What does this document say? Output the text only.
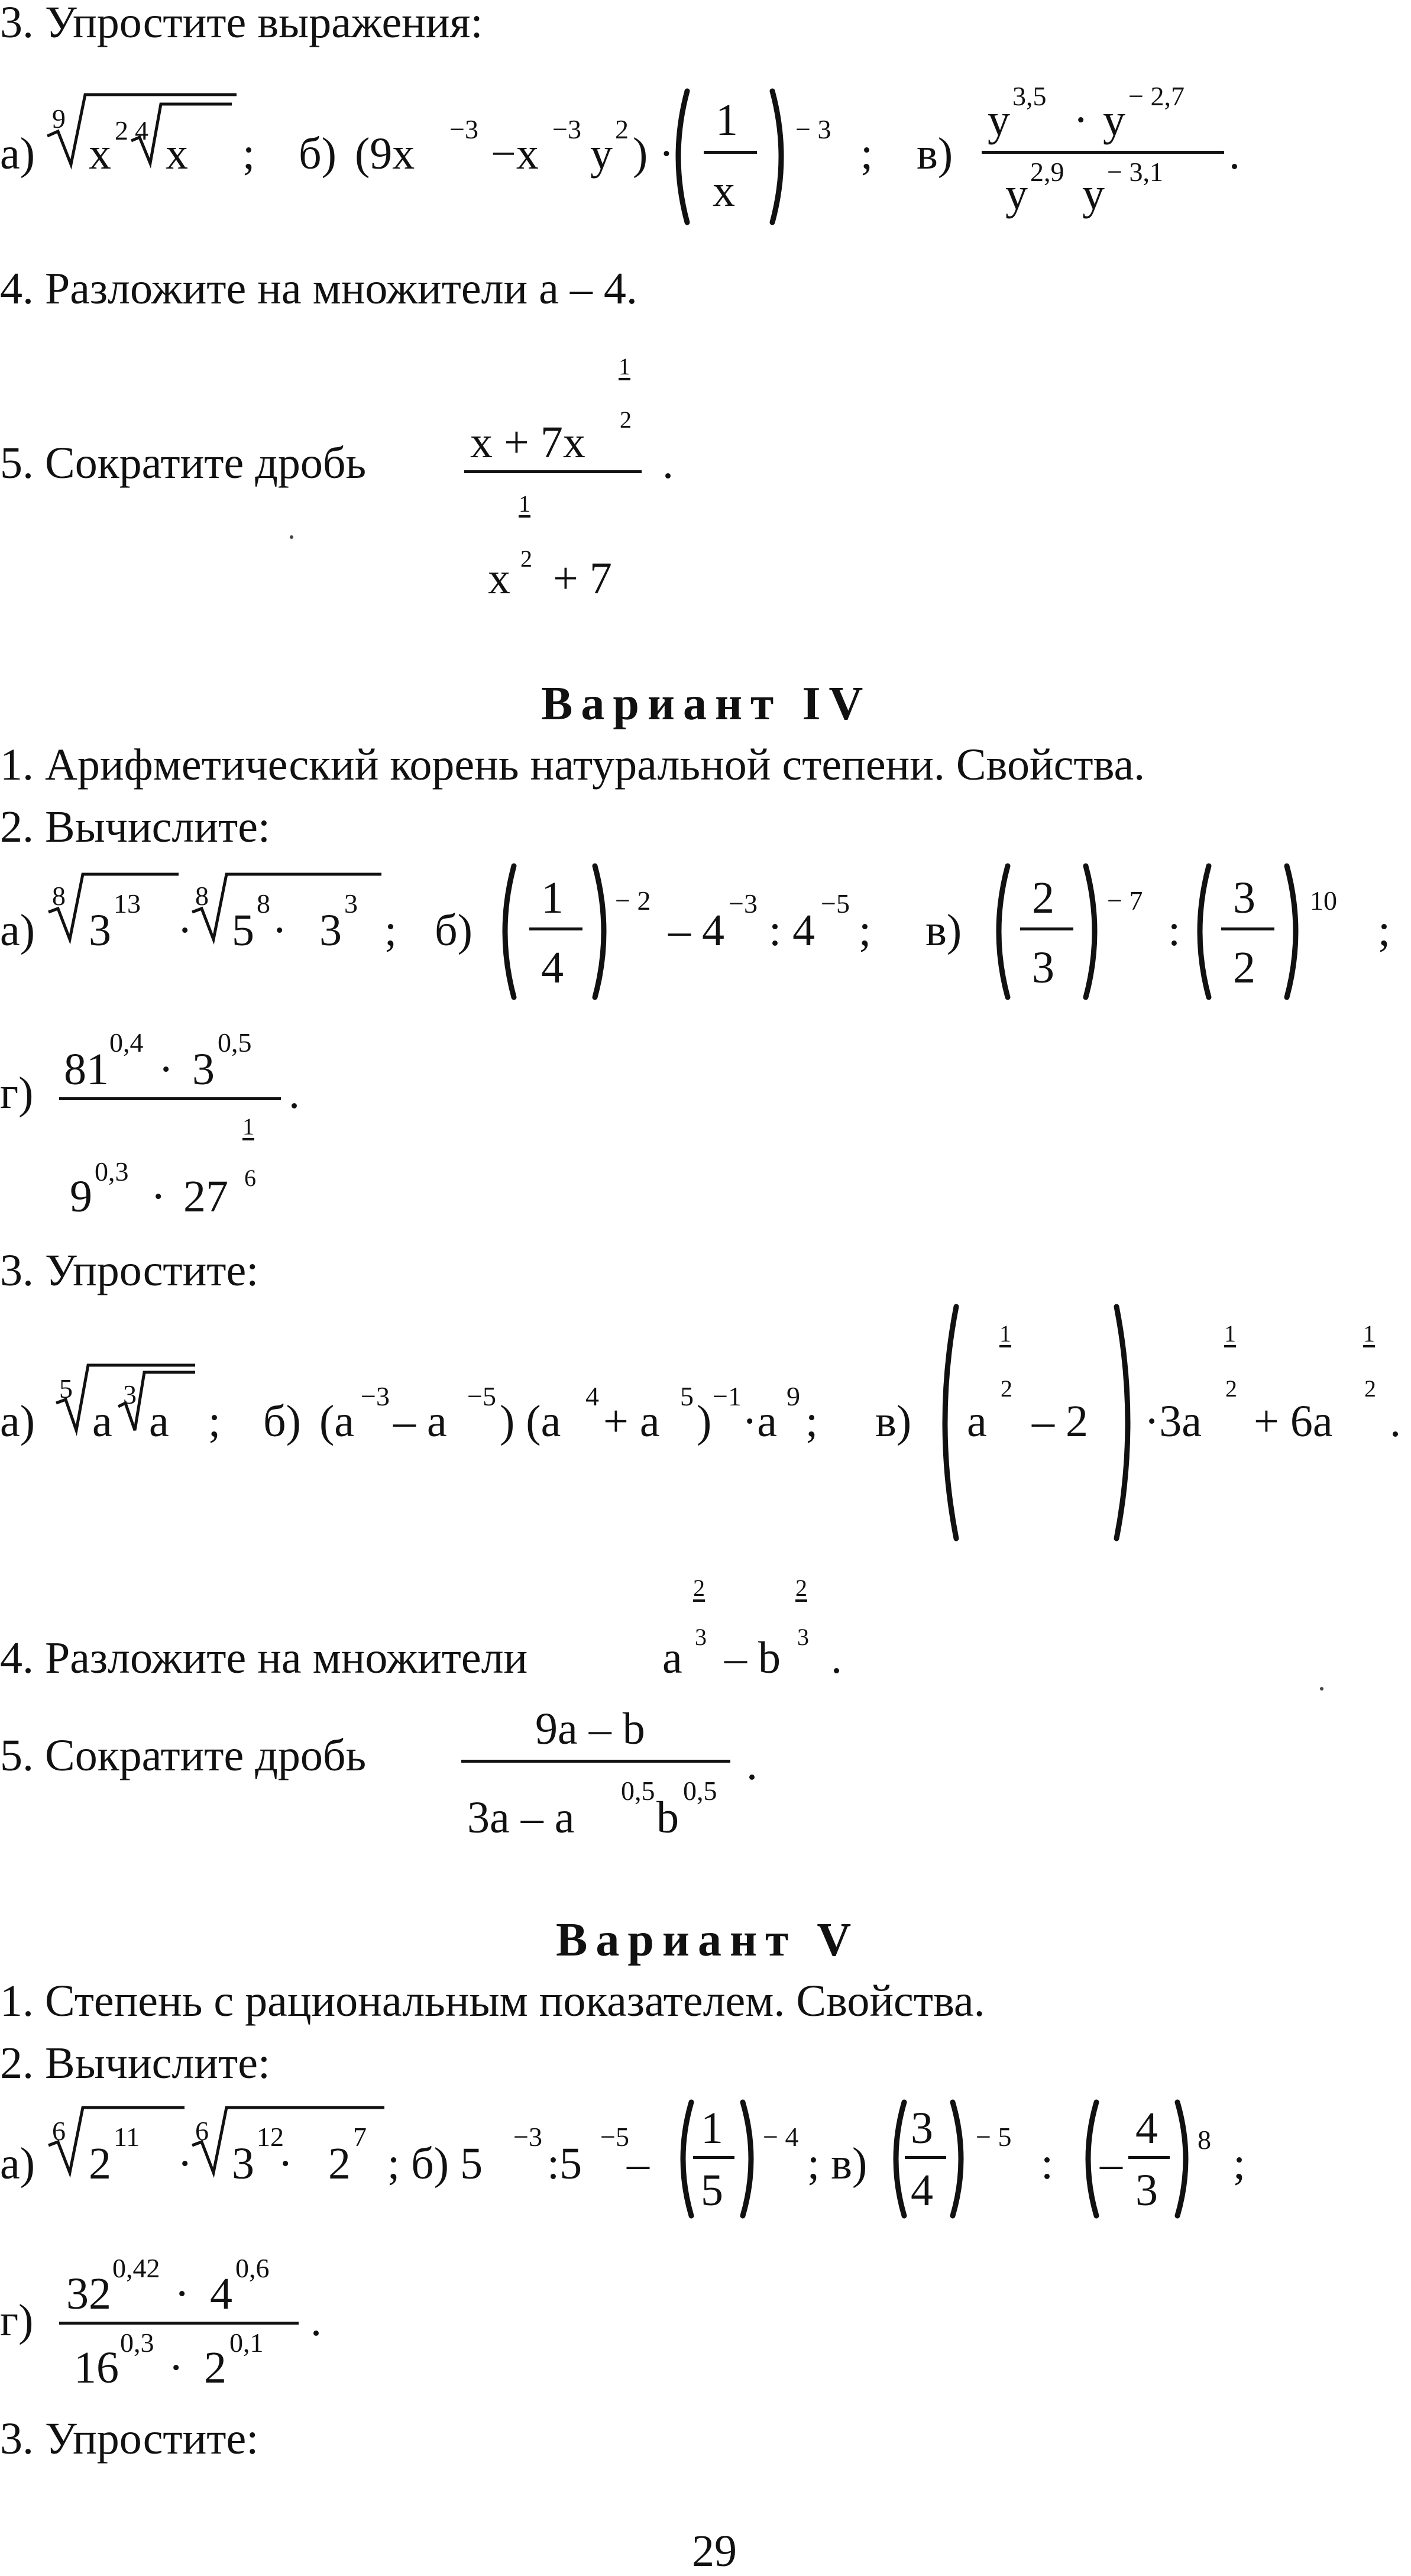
3. Упростите выражения:
а)
9
x 2 4 x ; б) (9x −3 −x −3 y 2 ) ·
1
x
− 3 ; в)
y 3,5 · y − 2,7
y 2,9 y − 3,1 .
4. Разложите на множители a – 4.
5. Сократите дробь
1
x + 7x 2
1
x 2 + 7
.
Вариант IV
1. Арифметический корень натуральной степени. Свойства.
2. Вычислите:
а)
8
3
13
·
8
5
8
· 3
3
; б)
1
4
− 2
– 4
−3
: 4
−5
; в)
2
3
− 7
:
3
2
10
;
г) 81
0,4
· 3
0,5
1
9
0,3
· 27 6
.
3. Упростите:
а)
5
a
3
a ; б) (a
−3
– a
−5
) (a
4
+ a
5
)
−1
·a
9
; в)
1
a
2
– 2 ·3a
1
2
+ 6a
1
2
.
4. Разложите на множители
2
a 3 – b
2
3 .
5. Сократите дробь
9a – b
3a – a
0,5
b
0,5
.
Вариант V
1. Степень с рациональным показателем. Свойства.
2. Вычислите:
а)
6
2
11
·
6
3
12
· 2
7
; б) 5
−3
:5
−5
–
1
5
− 4
; в)
3
4
− 5
: –
4
3
8 ;
г)
32
0,42
· 4
0,6
16
0,3
· 2
0,1 .
3. Упростите:
29
